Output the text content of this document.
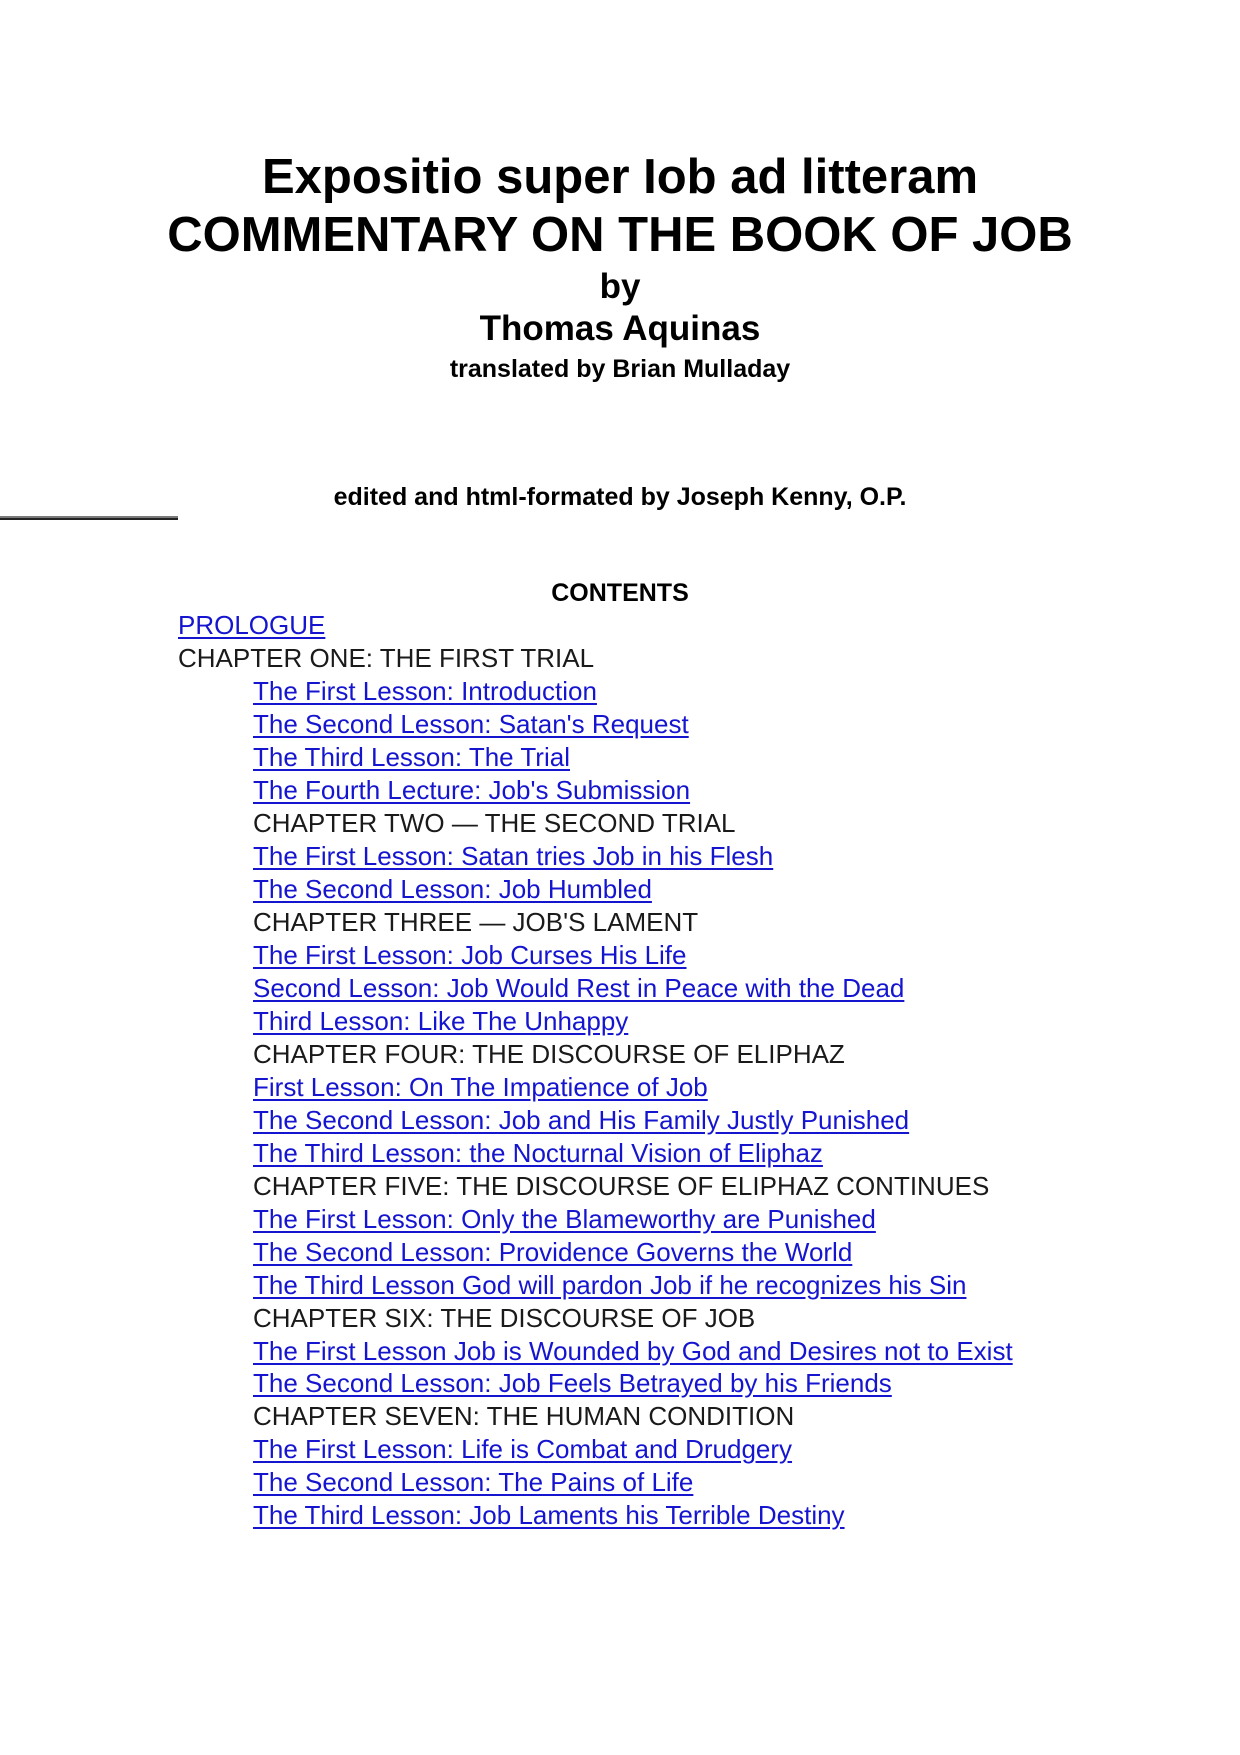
Expositio super Iob ad litteram
COMMENTARY ON THE BOOK OF JOB
by
Thomas Aquinas
translated by Brian Mulladay
edited and html-formated by Joseph Kenny, O.P.
CONTENTS
PROLOGUE
CHAPTER ONE: THE FIRST TRIAL
The First Lesson: Introduction
The Second Lesson: Satan's Request
The Third Lesson: The Trial
The Fourth Lecture: Job's Submission
CHAPTER TWO — THE SECOND TRIAL
The First Lesson: Satan tries Job in his Flesh
The Second Lesson: Job Humbled
CHAPTER THREE — JOB'S LAMENT
The First Lesson: Job Curses His Life
Second Lesson: Job Would Rest in Peace with the Dead
Third Lesson: Like The Unhappy
CHAPTER FOUR: THE DISCOURSE OF ELIPHAZ
First Lesson: On The Impatience of Job
The Second Lesson: Job and His Family Justly Punished
The Third Lesson: the Nocturnal Vision of Eliphaz
CHAPTER FIVE: THE DISCOURSE OF ELIPHAZ CONTINUES
The First Lesson: Only the Blameworthy are Punished
The Second Lesson: Providence Governs the World
The Third Lesson God will pardon Job if he recognizes his Sin
CHAPTER SIX: THE DISCOURSE OF JOB
The First Lesson Job is Wounded by God and Desires not to Exist
The Second Lesson: Job Feels Betrayed by his Friends
CHAPTER SEVEN: THE HUMAN CONDITION
The First Lesson: Life is Combat and Drudgery
The Second Lesson: The Pains of Life
The Third Lesson: Job Laments his Terrible Destiny
